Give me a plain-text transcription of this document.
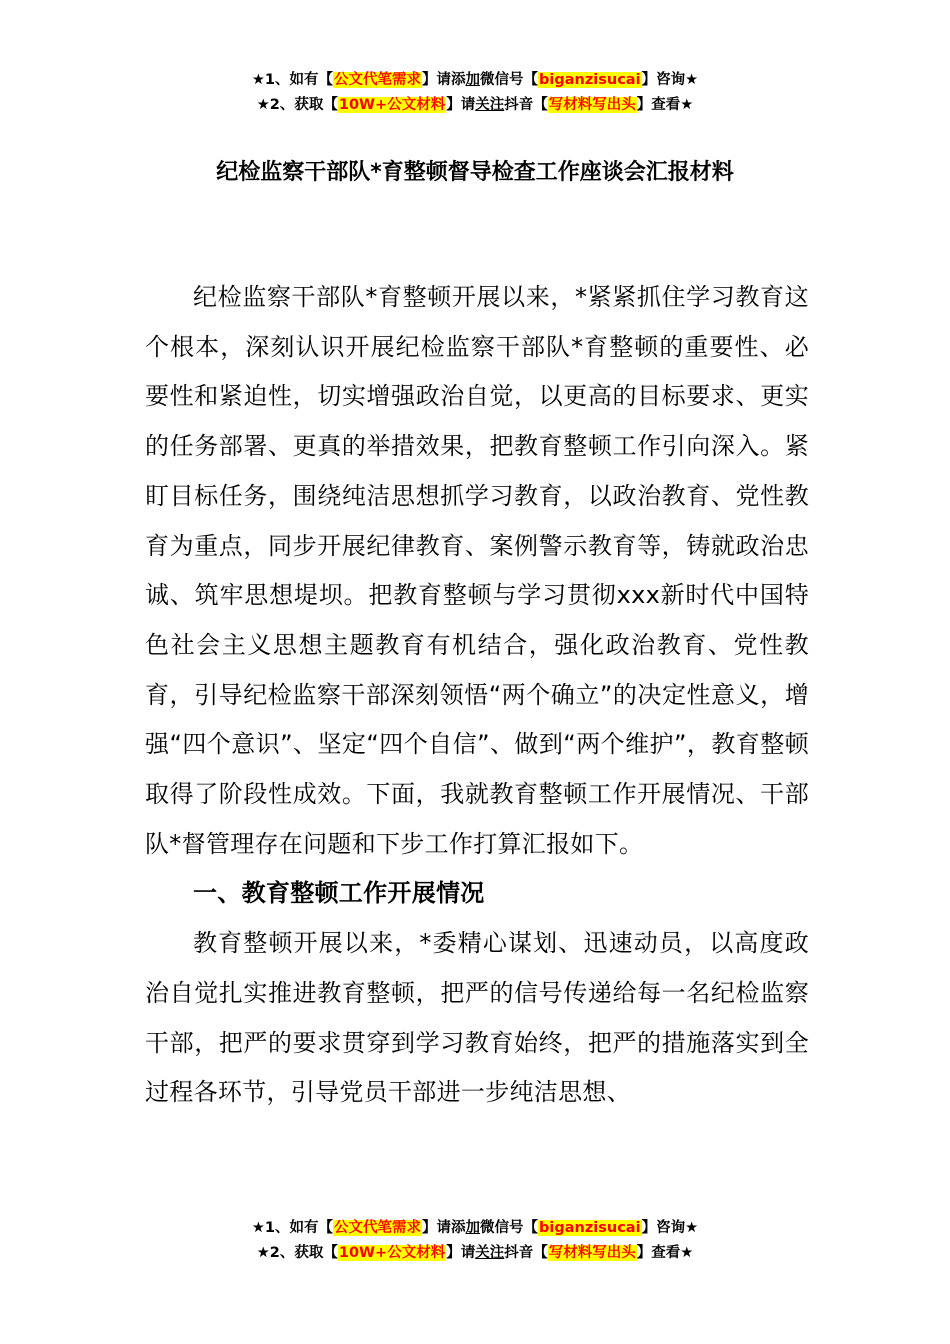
★1、如有【公文代笔需求】请添加微信号【biganzisucai】咨询★
★2、获取【10W+公文材料】请关注抖音【写材料写出头】查看★
纪检监察干部队*育整顿督导检查工作座谈会汇报材料

纪检监察干部队*育整顿开展以来，*紧紧抓住学习教育这个根本，深刻认识开展纪检监察干部队*育整顿的重要性、必要性和紧迫性，切实增强政治自觉，以更高的目标要求、更实的任务部署、更真的举措效果，把教育整顿工作引向深入。紧盯目标任务，围绕纯洁思想抓学习教育，以政治教育、党性教育为重点，同步开展纪律教育、案例警示教育等，铸就政治忠诚、筑牢思想堤坝。把教育整顿与学习贯彻xxx新时代中国特色社会主义思想主题教育有机结合，强化政治教育、党性教育，引导纪检监察干部深刻领悟“两个确立”的决定性意义，增强“四个意识”、坚定“四个自信”、做到“两个维护”，教育整顿取得了阶段性成效。下面，我就教育整顿工作开展情况、干部队*督管理存在问题和下步工作打算汇报如下。

一、教育整顿工作开展情况

教育整顿开展以来，*委精心谋划、迅速动员，以高度政治自觉扎实推进教育整顿，把严的信号传递给每一名纪检监察干部，把严的要求贯穿到学习教育始终，把严的措施落实到全过程各环节，引导党员干部进一步纯洁思想、

★1、如有【公文代笔需求】请添加微信号【biganzisucai】咨询★
★2、获取【10W+公文材料】请关注抖音【写材料写出头】查看★
